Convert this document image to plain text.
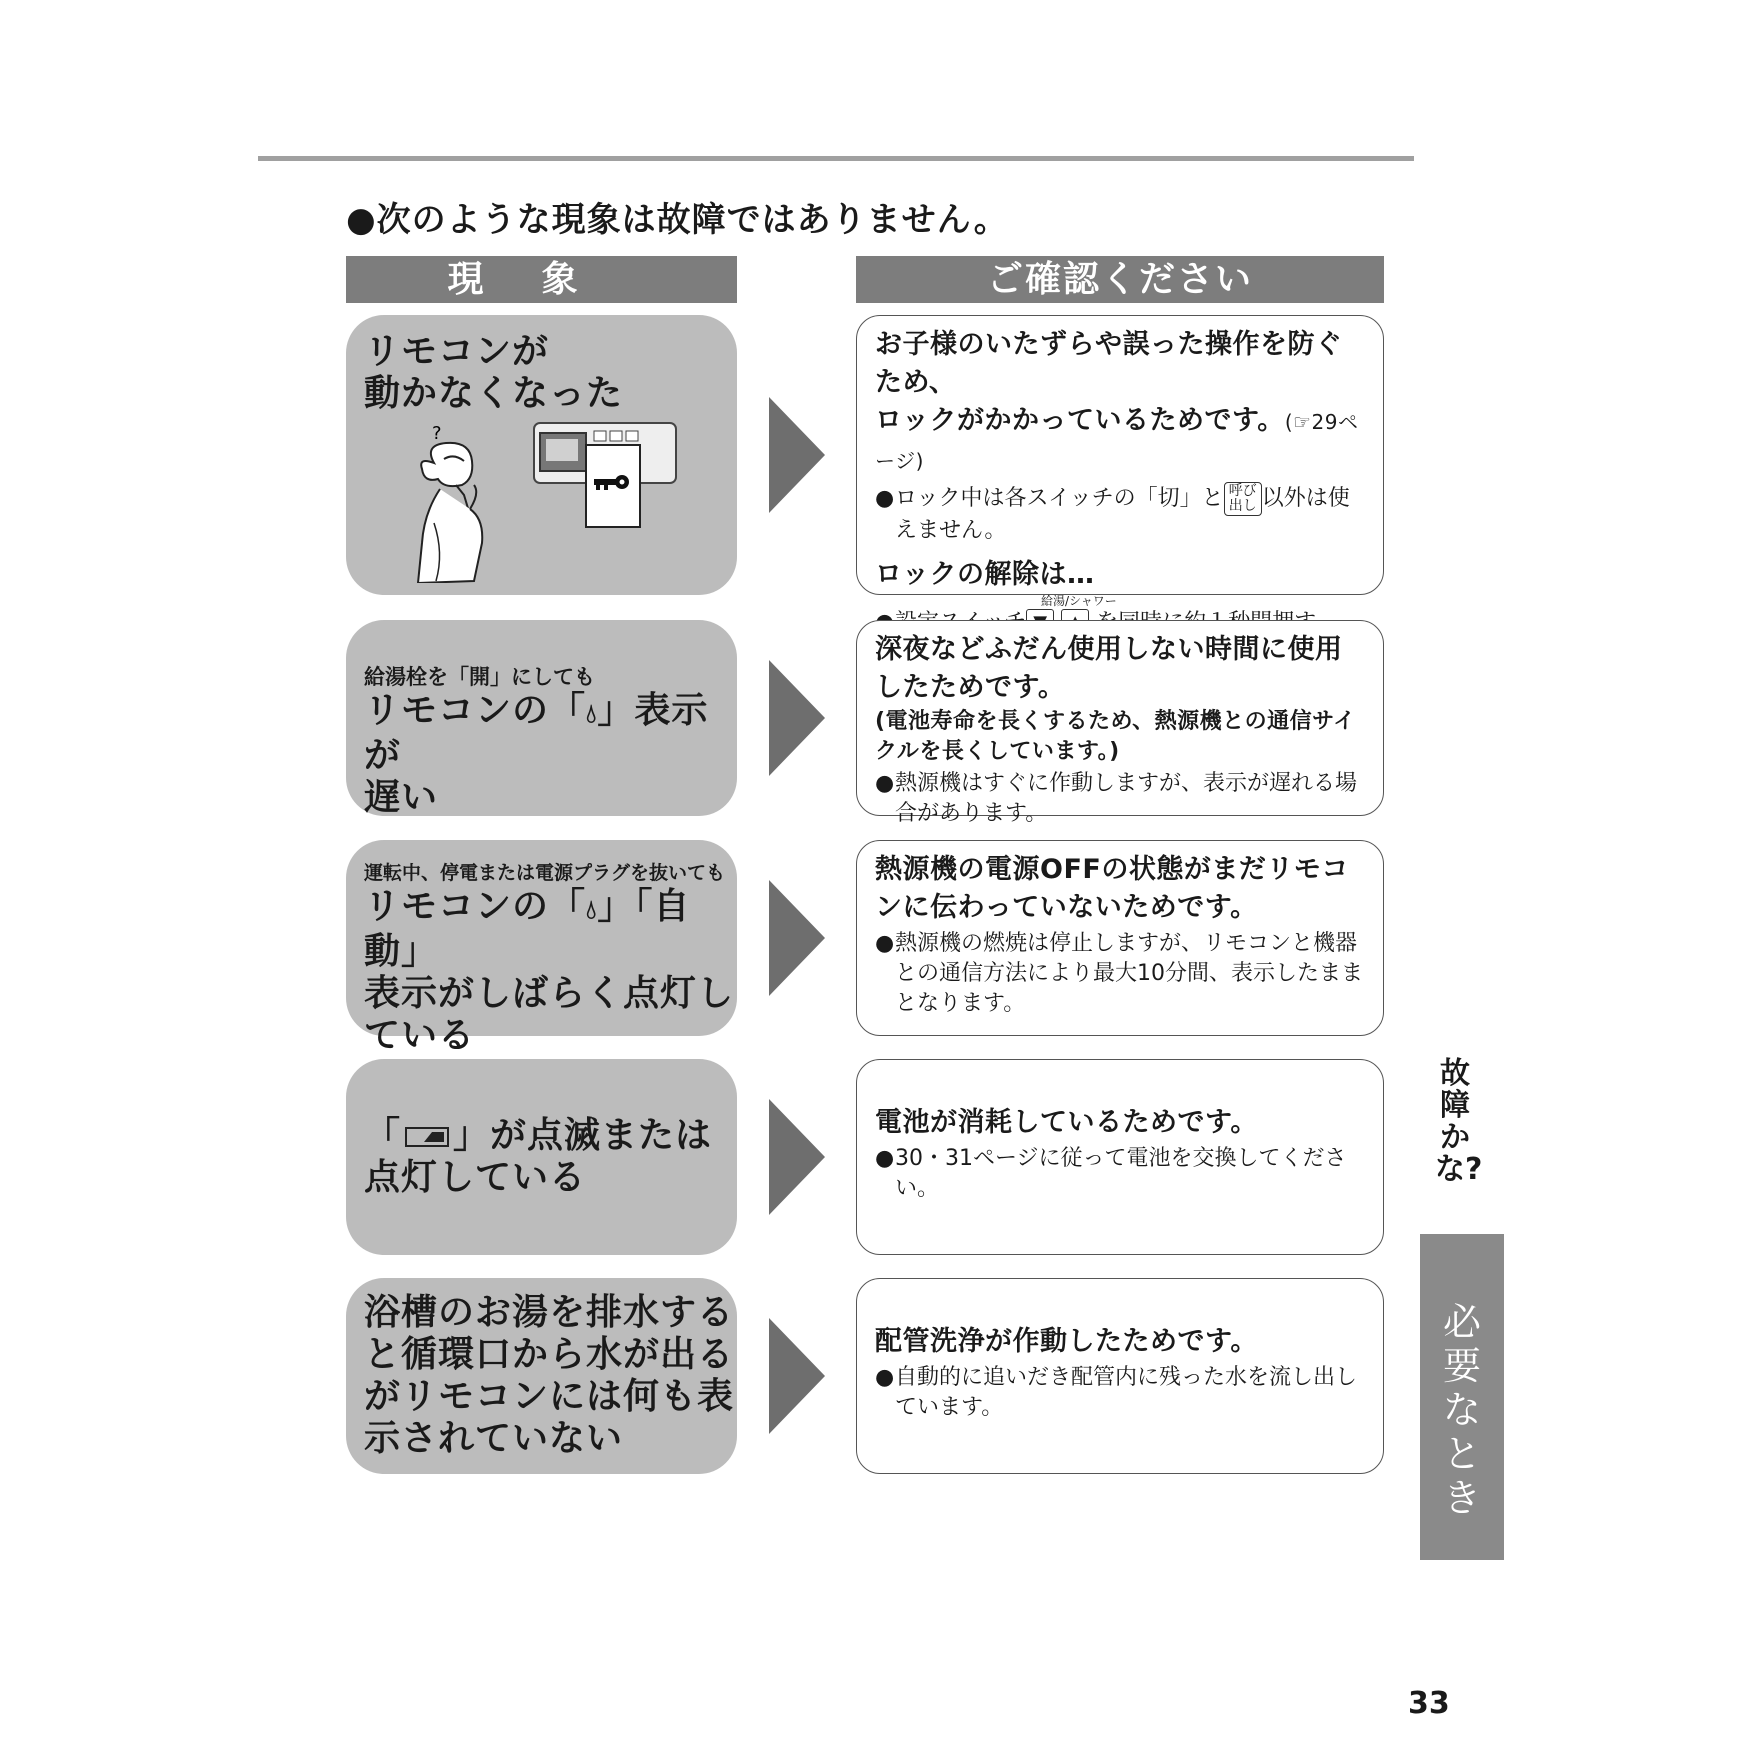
●次のような現象は故障ではありません。
現象	ご確認ください
リモコンが
動かなくなった
?
お子様のいたずらや誤った操作を防ぐため、
ロックがかかっているためです。(☞29ページ)
●ロック中は各スイッチの「切」と 呼び出し 以外は使えません。
ロックの解除は…
給湯/シャワー

給湯栓を「開」にしても
リモコンの「💧︎」表示が
遅い
深夜などふだん使用しない時間に使用したためです。
(電池寿命を長くするため、熱源機との通信サイクルを長くしています。)
●熱源機はすぐに作動しますが、表示が遅れる場合があります。
運転中、停電または電源プラグを抜いても
リモコンの「💧︎」「自動」
表示がしばらく点灯し
ている
熱源機の電源OFFの状態がまだリモコンに伝わっていないためです。
●熱源機の燃焼は停止しますが、リモコンと機器との通信方法により最大10分間、表示したままとなります。
「 」が点滅または
点灯している
電池が消耗しているためです。
●30・31ページに従って電池を交換してください。
浴槽のお湯を排水する
と循環口から水が出る
がリモコンには何も表
示されていない
配管洗浄が作動したためです。
●自動的に追いだき配管内に残った水を流し出しています。
故障かな?
必要なとき
33
